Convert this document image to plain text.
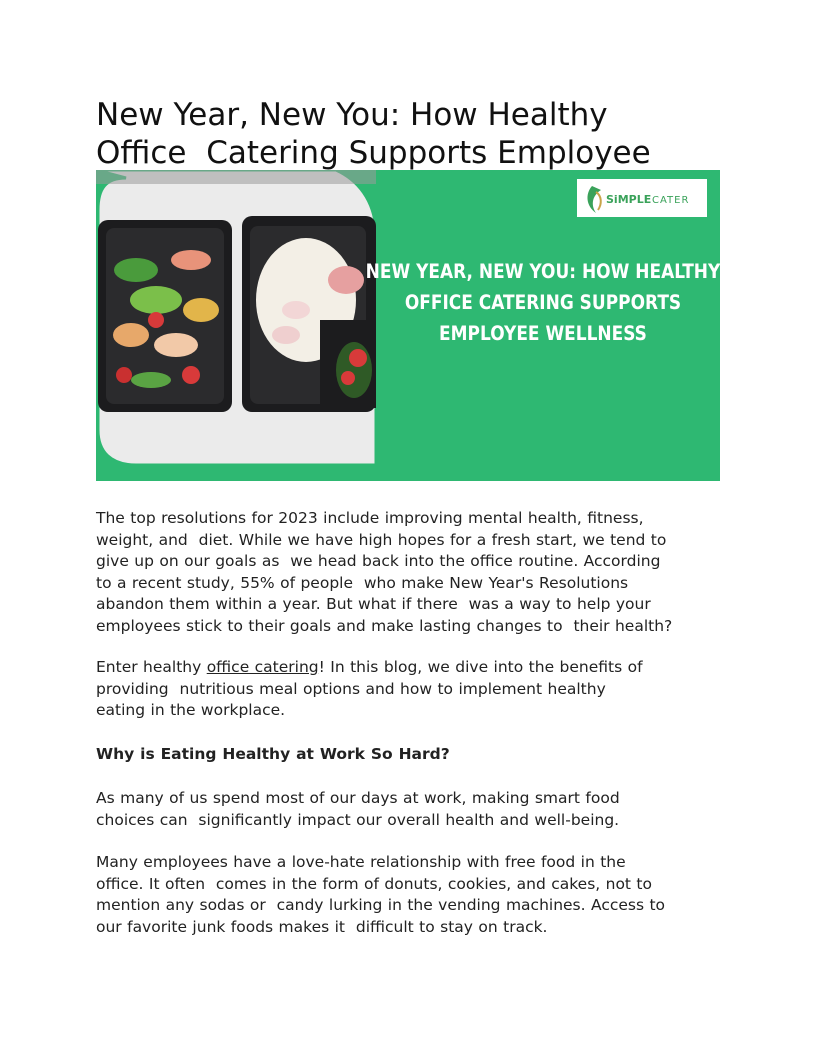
New Year, New You: How Healthy
Office  Catering Supports Employee
SiMPLE CATER
NEW YEAR, NEW YOU: HOW HEALTHY
OFFICE CATERING SUPPORTS
EMPLOYEE WELLNESS

The top resolutions for 2023 include improving mental health, fitness,
weight, and  diet. While we have high hopes for a fresh start, we tend to
give up on our goals as  we head back into the office routine. According
to a recent study, 55% of people  who make New Year's Resolutions
abandon them within a year. But what if there  was a way to help your
employees stick to their goals and make lasting changes to  their health?

Enter healthy office catering! In this blog, we dive into the benefits of
providing  nutritious meal options and how to implement healthy
eating in the workplace.

Why is Eating Healthy at Work So Hard?

As many of us spend most of our days at work, making smart food
choices can  significantly impact our overall health and well-being.

Many employees have a love-hate relationship with free food in the
office. It often  comes in the form of donuts, cookies, and cakes, not to
mention any sodas or  candy lurking in the vending machines. Access to
our favorite junk foods makes it  difficult to stay on track.
